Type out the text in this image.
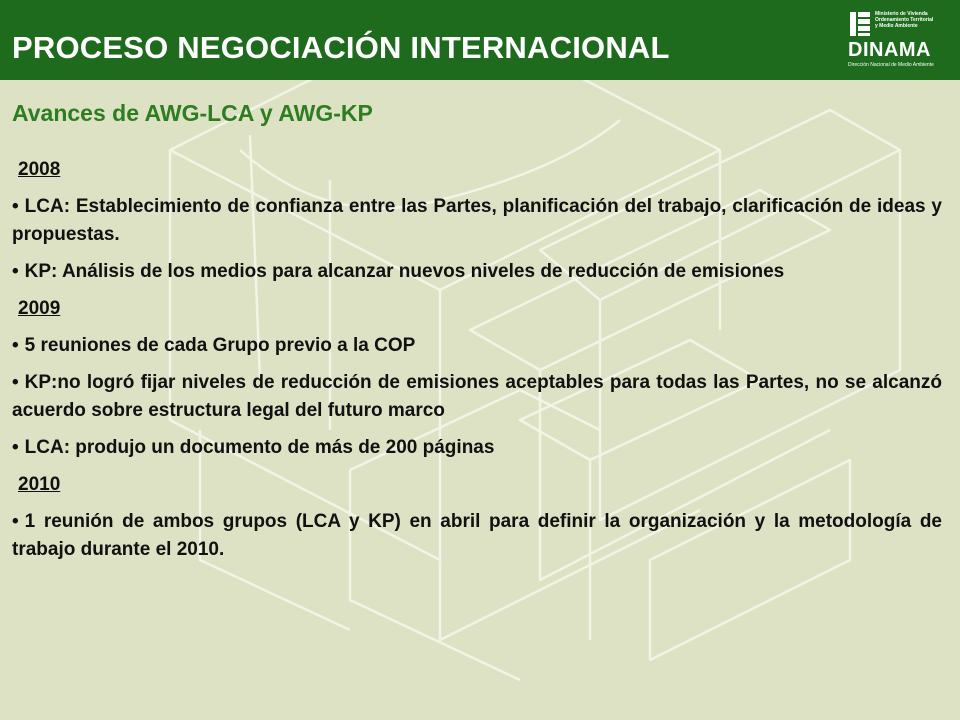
PROCESO NEGOCIACIÓN INTERNACIONAL
Ministerio de Vivienda
Ordenamiento Territorial
y Medio Ambiente
DINAMA
Dirección Nacional de Medio Ambiente
Avances de AWG-LCA y AWG-KP
2008
• LCA: Establecimiento de confianza entre las Partes, planificación del trabajo, clarificación de ideas y propuestas.
• KP: Análisis de los medios para alcanzar nuevos niveles de reducción de emisiones
2009
• 5 reuniones de cada Grupo previo a la COP
• KP:no logró fijar niveles de reducción de emisiones aceptables para todas las Partes, no se alcanzó acuerdo sobre estructura legal del futuro marco
• LCA: produjo un documento de más de 200 páginas
2010
• 1 reunión de ambos grupos (LCA y KP) en abril para definir la organización y la metodología de trabajo durante el 2010.
